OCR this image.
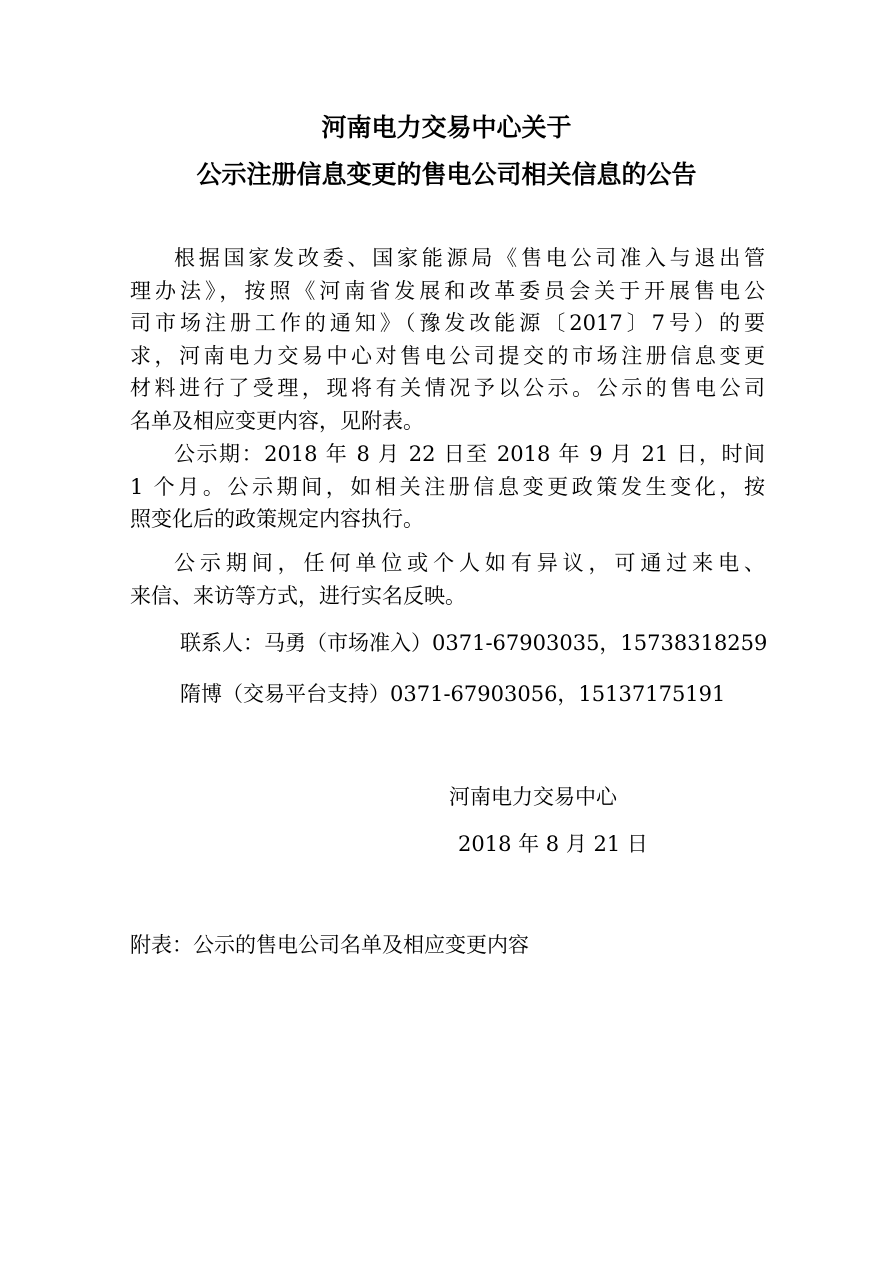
河南电力交易中心关于
公示注册信息变更的售电公司相关信息的公告
根据国家发改委、国家能源局《售电公司准入与退出管
理办法》，按照《河南省发展和改革委员会关于开展售电公
司市场注册工作的通知》（豫发改能源〔2017〕7号）的要
求，河南电力交易中心对售电公司提交的市场注册信息变更
材料进行了受理，现将有关情况予以公示。公示的售电公司
名单及相应变更内容，见附表。
公示期：2018 年 8 月 22 日至 2018 年 9 月 21 日，时间
1 个月。公示期间，如相关注册信息变更政策发生变化，按
照变化后的政策规定内容执行。
公示期间，任何单位或个人如有异议，可通过来电、
来信、来访等方式，进行实名反映。

联系人：马勇（市场准入）0371-67903035，15738318259

隋博（交易平台支持）0371-67903056，15137175191

河南电力交易中心

2018 年 8 月 21 日

附表：公示的售电公司名单及相应变更内容
